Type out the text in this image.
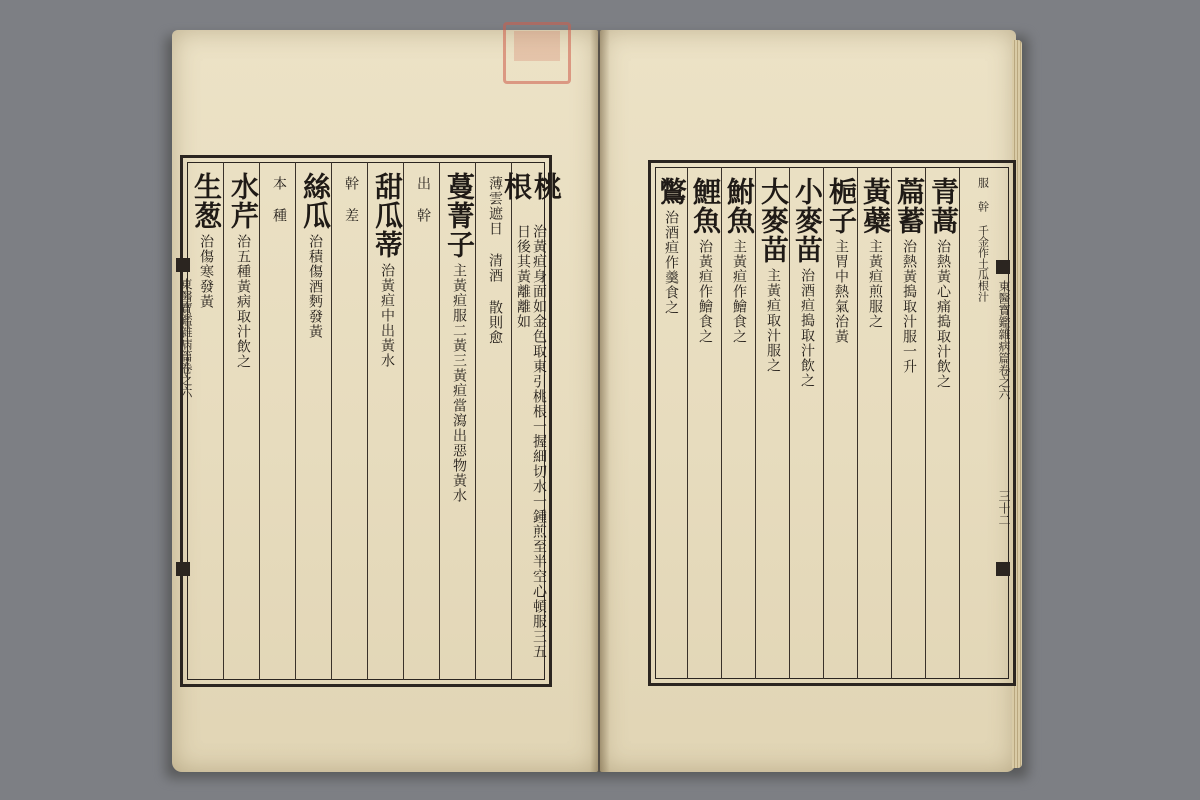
桃根
治黃疸身面如金色取東引桃根一握細切水一鍾煎至半空心頓服三五日後其黃離離如
薄雲遮日 清酒 散則愈
蔓菁子
主黃疸服二黃三黃疸當瀉出惡物黃水
出 幹
甜瓜蒂
治黃疸中出黃水
幹 差
絲瓜
治積傷酒麪發黃
本 種
水芹
治五種黃病取汁飲之
生葱
治傷寒發黃
東醫寶鑑雜病篇卷之六
服 幹 千金作土瓜根汁
青蒿
治熱黃心痛搗取汁飲之
萹蓄
治熱黃搗取汁服一升
黃蘗
主黃疸煎服之
梔子
主胃中熱氣治黃
小麥苗
治酒疸搗取汁飲之
大麥苗
主黃疸取汁服之
鮒魚
主黃疸作鱠食之
鯉魚
治黃疸作鱠食之
鷩
治酒疸作羹食之
東醫寶鑑雜病篇卷之六
三十二
